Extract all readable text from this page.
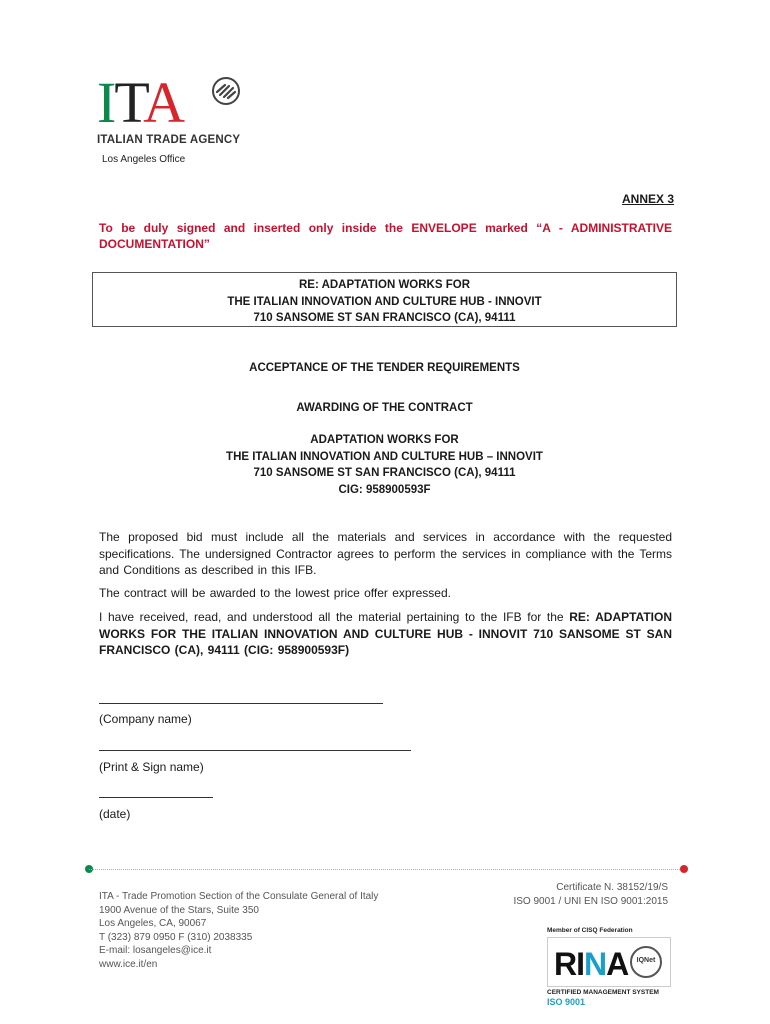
ITA
ITALIAN TRADE AGENCY
Los Angeles Office
ANNEX 3
To be duly signed and inserted only inside the ENVELOPE marked “A - ADMINISTRATIVE DOCUMENTATION”
RE: ADAPTATION WORKS FOR
THE ITALIAN INNOVATION AND CULTURE HUB - INNOVIT
710 SANSOME ST SAN FRANCISCO (CA), 94111
ACCEPTANCE OF THE TENDER REQUIREMENTS
AWARDING OF THE CONTRACT
ADAPTATION WORKS FOR
THE ITALIAN INNOVATION AND CULTURE HUB – INNOVIT
710 SANSOME ST SAN FRANCISCO (CA), 94111
CIG: 958900593F
The proposed bid must include all the materials and services in accordance with the requested specifications. The undersigned Contractor agrees to perform the services in compliance with the Terms and Conditions as described in this IFB.
The contract will be awarded to the lowest price offer expressed.
I have received, read, and understood all the material pertaining to the IFB for the RE: ADAPTATION WORKS FOR THE ITALIAN INNOVATION AND CULTURE HUB - INNOVIT 710 SANSOME ST SAN FRANCISCO (CA), 94111 (CIG: 958900593F)
(Company name)
(Print & Sign name)
(date)
ITA - Trade Promotion Section of the Consulate General of Italy
1900 Avenue of the Stars, Suite 350
Los Angeles, CA, 90067
T (323) 879 0950 F (310) 2038335
E-mail: losangeles@ice.it
www.ice.it/en
Certificate N. 38152/19/S
ISO 9001 / UNI EN ISO 9001:2015
Member of CISQ Federation
RINA	IQNet
CERTIFIED MANAGEMENT SYSTEM
ISO 9001
